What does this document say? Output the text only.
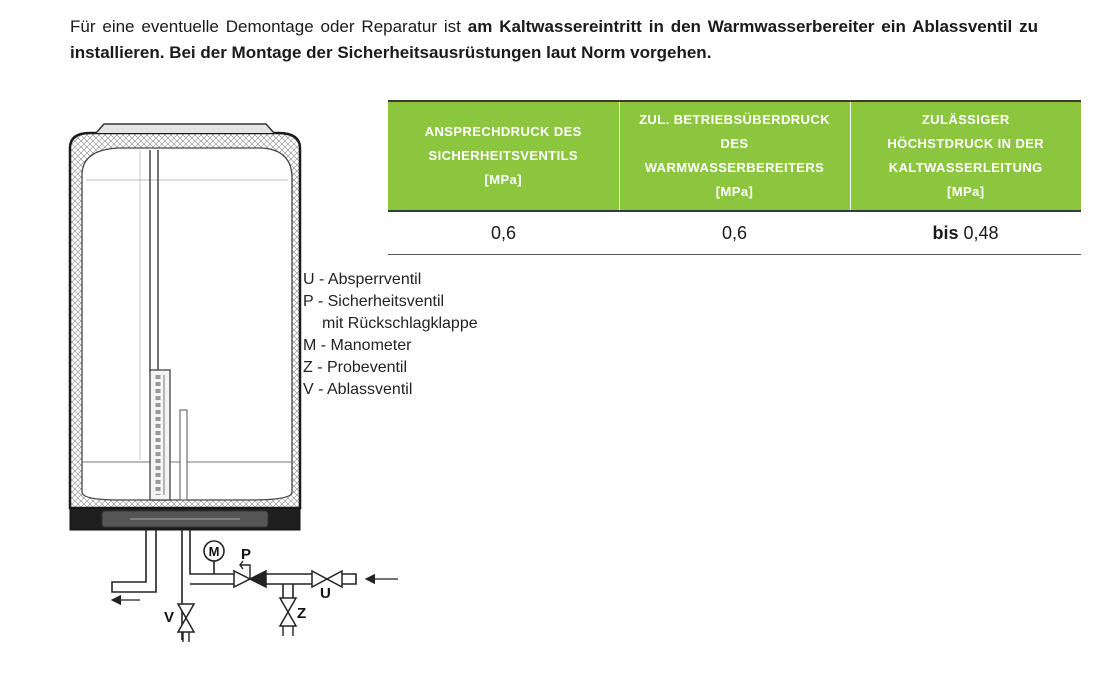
Für eine eventuelle Demontage oder Reparatur ist am Kaltwassereintritt in den Warmwasserbereiter ein Ablassventil zu installieren. Bei der Montage der Sicherheitsausrüstungen laut Norm vorgehen.

ANSPRECHDRUCK DES
SICHERHEITSVENTILS
[MPa]	ZUL. BETRIEBSÜBERDRUCK
DES
WARMWASSERBEREITERS
[MPa]	ZULÄSSIGER
HÖCHSTDRUCK IN DER
KALTWASSERLEITUNG
[MPa]
0,6	0,6	bis 0,48
U - Absperrventil
P - Sicherheitsventil
mit Rückschlagklappe
M - Manometer
Z - Probeventil
V - Ablassventil
M P
U
Z
V
